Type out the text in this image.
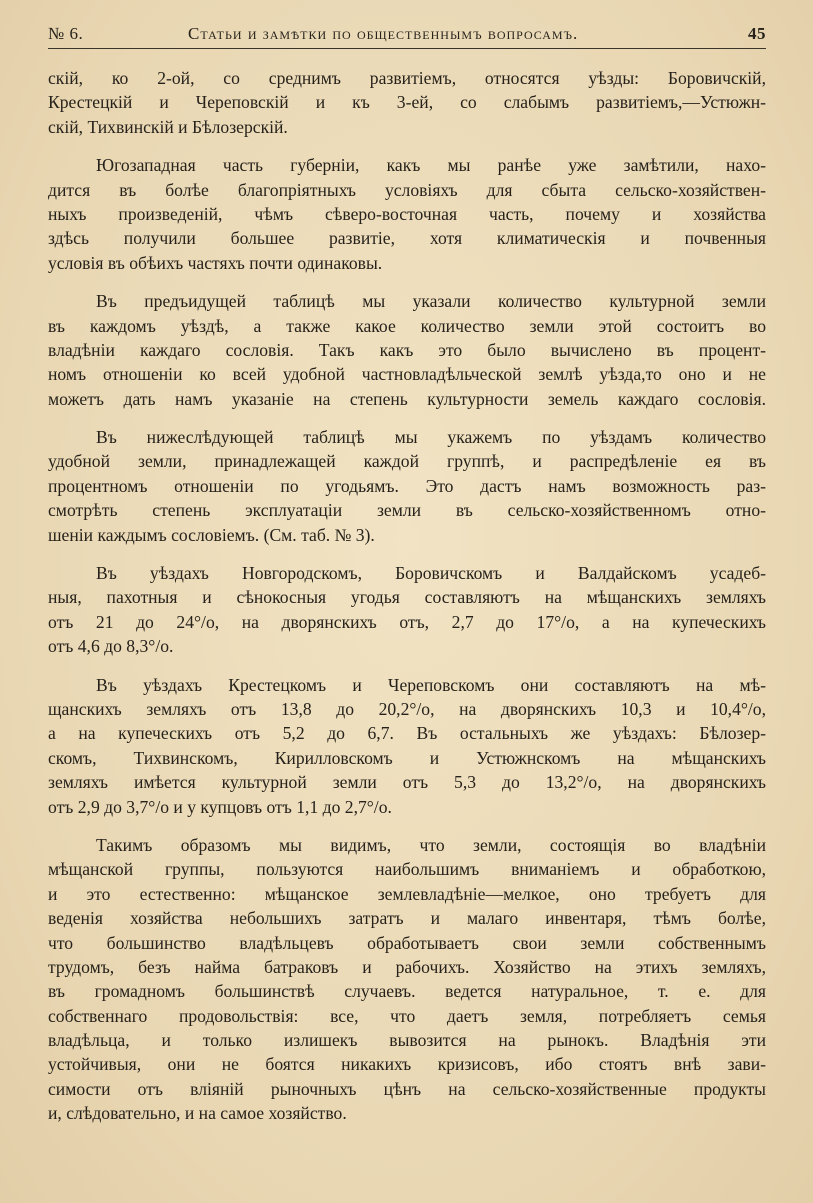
№ 6.	Статьи и замѣтки по общественнымъ вопросамъ.	45
скій, ко 2-ой, со среднимъ развитіемъ, относятся уѣзды: Боровичскій,
Крестецкій и Череповскій и къ 3-ей, со слабымъ развитіемъ,—Устюжн-
скій, Тихвинскій и Бѣлозерскій.
Югозападная часть губерніи, какъ мы ранѣе уже замѣтили, нахо-
дится въ болѣе благопріятныхъ условіяхъ для сбыта сельско-хозяйствен-
ныхъ произведеній, чѣмъ сѣверо-восточная часть, почему и хозяйства
здѣсь получили большее развитіе, хотя климатическія и почвенныя
условія въ обѣихъ частяхъ почти одинаковы.
Въ предъидущей таблицѣ мы указали количество культурной земли
въ каждомъ уѣздѣ, а также какое количество земли этой состоитъ во
владѣніи каждаго сословія. Такъ какъ это было вычислено въ процент-
номъ отношеніи ко всей удобной частновладѣльческой землѣ уѣзда,то оно и не
можетъ дать намъ указаніе на степень культурности земель каждаго сословія.
Въ нижеслѣдующей таблицѣ мы укажемъ по уѣздамъ количество
удобной земли, принадлежащей каждой группѣ, и распредѣленіе ея въ
процентномъ отношеніи по угодьямъ. Это дастъ намъ возможность раз-
смотрѣть степень эксплуатаціи земли въ сельско-хозяйственномъ отно-
шеніи каждымъ сословіемъ. (См. таб. № 3).
Въ уѣздахъ Новгородскомъ, Боровичскомъ и Валдайскомъ усадеб-
ныя, пахотныя и сѣнокосныя угодья составляютъ на мѣщанскихъ земляхъ
отъ 21 до 24°/o, на дворянскихъ отъ, 2,7 до 17°/o, а на купеческихъ
отъ 4,6 до 8,3°/o.
Въ уѣздахъ Крестецкомъ и Череповскомъ они составляютъ на мѣ-
щанскихъ земляхъ отъ 13,8 до 20,2°/o, на дворянскихъ 10,3 и 10,4°/o,
а на купеческихъ отъ 5,2 до 6,7. Въ остальныхъ же уѣздахъ: Бѣлозер-
скомъ, Тихвинскомъ, Кирилловскомъ и Устюжнскомъ на мѣщанскихъ
земляхъ имѣется культурной земли отъ 5,3 до 13,2°/o, на дворянскихъ
отъ 2,9 до 3,7°/o и у купцовъ отъ 1,1 до 2,7°/o.
Такимъ образомъ мы видимъ, что земли, состоящія во владѣніи
мѣщанской группы, пользуются наибольшимъ вниманіемъ и обработкою,
и это естественно: мѣщанское землевладѣніе—мелкое, оно требуетъ для
веденія хозяйства небольшихъ затратъ и малаго инвентаря, тѣмъ болѣе,
что большинство владѣльцевъ обработываетъ свои земли собственнымъ
трудомъ, безъ найма батраковъ и рабочихъ. Хозяйство на этихъ земляхъ,
въ громадномъ большинствѣ случаевъ. ведется натуральное, т. е. для
собственнаго продовольствія: все, что даетъ земля, потребляетъ семья
владѣльца, и только излишекъ вывозится на рынокъ. Владѣнія эти
устойчивыя, они не боятся никакихъ кризисовъ, ибо стоятъ внѣ зави-
симости отъ вліяній рыночныхъ цѣнъ на сельско-хозяйственные продукты
и, слѣдовательно, и на самое хозяйство.
